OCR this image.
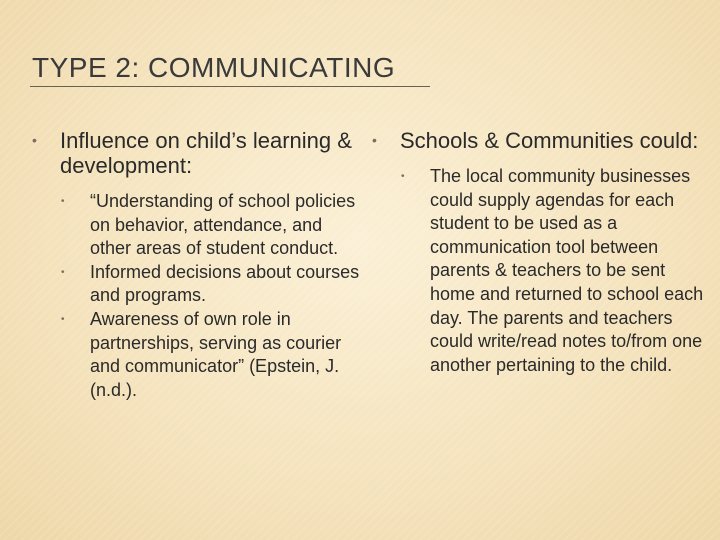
TYPE 2: COMMUNICATING
• Influence on child’s learning & development:
• “Understanding of school policies on behavior, attendance, and other areas of student conduct.
• Informed decisions about courses and programs.
• Awareness of own role in partnerships, serving as courier and communicator” (Epstein, J. (n.d.).
• Schools & Communities could:
• The local community businesses could supply agendas for each student to be used as a communication tool between parents & teachers to be sent home and returned to school each day. The parents and teachers could write/read notes to/from one another pertaining to the child.
